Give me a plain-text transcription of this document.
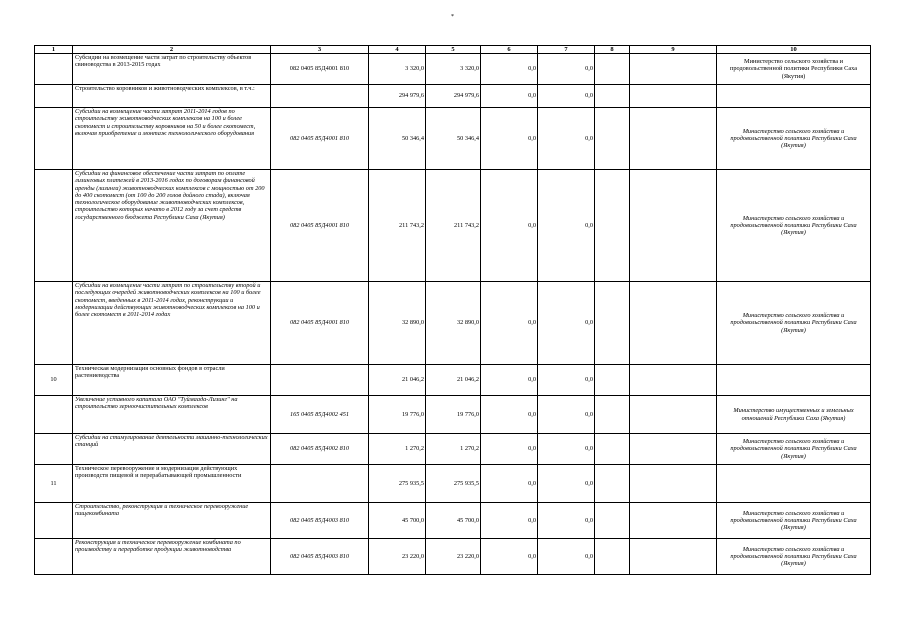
*
1	2	3	4	5	6	7	8	9	10
	Субсидии на возмещение части затрат по строительству объектов свиноводства в 2013-2015 годах	082 0405 85Д4001 810	3 320,0	3 320,0	0,0	0,0			Министерство сельского хозяйства и продовольственной политики Республики Саха (Якутия)
	Строительство коровников и животноводческих комплексов, в т.ч.:		294 979,6	294 979,6	0,0	0,0			
	Субсидии на возмещение части затрат 2011-2014 годов по строительству животноводческих комплексов на 100 и более скотомест и строительству коровников на 50 и более скотомест, включая приобретение и монтаж технологического оборудования	082 0405 85Д4001 810	50 346,4	50 346,4	0,0	0,0			Министерство сельского хозяйства и продовольственной политики Республики Саха (Якутия)
	Субсидии на финансовое обеспечение части затрат по оплате лизинговых платежей в 2013-2016 годах по договорам финансовой аренды (лизинга) животноводческих комплексов с мощностью от 200 до 400 скотомест (от 100 до 200 голов дойного стада), включая технологическое оборудование животноводческих комплексов, строительство которых начато в 2012 году за счет средств государственного бюджета Республики Саха (Якутия)	082 0405 85Д4001 810	211 743,2	211 743,2	0,0	0,0			Министерство сельского хозяйства и продовольственной политики Республики Саха (Якутия)
	Субсидии на возмещение части затрат по строительству второй и последующих очередей животноводческих комплексов на 100 и более скотомест, введенных в 2011-2014 годах, реконструкции и модернизации действующих животноводческих комплексов на 100 и более скотомест в 2011-2014 годах	082 0405 85Д4001 810	32 890,0	32 890,0	0,0	0,0			Министерство сельского хозяйства и продовольственной политики Республики Саха (Якутия)
10	Техническая модернизация основных фондов в отрасли растениеводства		21 046,2	21 046,2	0,0	0,0			
	Увеличение уставного капитала ОАО "Туймаада-Лизинг" на строительство зерноочистительных комплексов	165 0405 85Д4002 451	19 776,0	19 776,0	0,0	0,0			Министерство имущественных и земельных отношений Республики Саха (Якутия)
	Субсидии на стимулирование деятельности машинно-технологических станций	082 0405 85Д4002 810	1 270,2	1 270,2	0,0	0,0			Министерство сельского хозяйства и продовольственной политики Республики Саха (Якутия)
11	Техническое перевооружение и модернизация действующих производств пищевой и перерабатывающей промышленности		275 935,5	275 935,5	0,0	0,0			
	Строительство, реконструкция и техническое перевооружение пищекомбината	082 0405 85Д4003 810	45 700,0	45 700,0	0,0	0,0			Министерство сельского хозяйства и продовольственной политики Республики Саха (Якутия)
	Реконструкция и техническое перевооружение комбината по производству и переработке продукции животноводства	082 0405 85Д4003 810	23 220,0	23 220,0	0,0	0,0			Министерство сельского хозяйства и продовольственной политики Республики Саха (Якутия)
